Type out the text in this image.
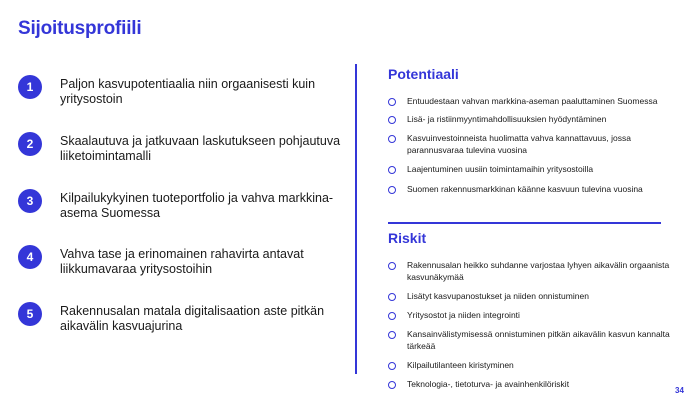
Sijoitusprofiili
1	Paljon kasvupotentiaalia niin orgaanisesti kuin yritysostoin
2	Skaalautuva ja jatkuvaan laskutukseen pohjautuva liiketoimintamalli
3	Kilpailukykyinen tuoteportfolio ja vahva markkina-asema Suomessa
4	Vahva tase ja erinomainen rahavirta antavat liikkumavaraa yritysostoihin
5	Rakennusalan matala digitalisaation aste pitkän aikavälin kasvuajurina
Potentiaali
Entuudestaan vahvan markkina-aseman paaluttaminen Suomessa
Lisä- ja ristiinmyyntimahdollisuuksien hyödyntäminen
Kasvuinvestoinneista huolimatta vahva kannattavuus, jossa parannusvaraa tulevina vuosina
Laajentuminen uusiin toimintamaihin yritysostoilla
Suomen rakennusmarkkinan käänne kasvuun tulevina vuosina
Riskit
Rakennusalan heikko suhdanne varjostaa lyhyen aikavälin orgaanista kasvunäkymää
Lisätyt kasvupanostukset ja niiden onnistuminen
Yritysostot ja niiden integrointi
Kansainvälistymisessä onnistuminen pitkän aikavälin kasvun kannalta tärkeää
Kilpailutilanteen kiristyminen
Teknologia-, tietoturva- ja avainhenkilöriskit
34
